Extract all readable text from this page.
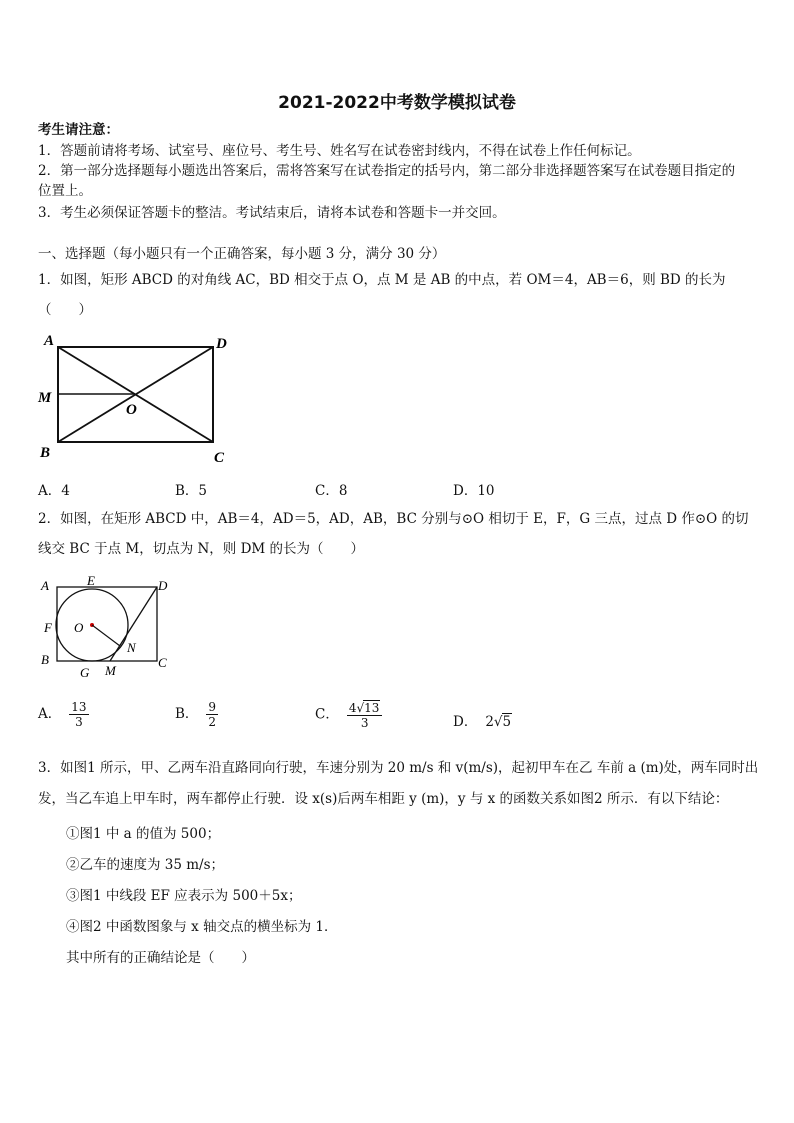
2021-2022中考数学模拟试卷
考生请注意：
1．答题前请将考场、试室号、座位号、考生号、姓名写在试卷密封线内，不得在试卷上作任何标记。
2．第一部分选择题每小题选出答案后，需将答案写在试卷指定的括号内，第二部分非选择题答案写在试卷题目指定的
位置上。
3．考生必须保证答题卡的整洁。考试结束后，请将本试卷和答题卡一并交回。
一、选择题（每小题只有一个正确答案，每小题 3 分，满分 30 分）
1．如图，矩形 ABCD 的对角线 AC，BD 相交于点 O，点 M 是 AB 的中点，若 OM＝4，AB＝6，则 BD 的长为
（　　）
A	D
M
O
B	C
A．4	B．5	C．8	D．10
2．如图，在矩形 ABCD 中，AB＝4，AD＝5，AD，AB，BC 分别与⊙O 相切于 E，F，G 三点，过点 D 作⊙O 的切
线交 BC 于点 M，切点为 N，则 DM 的长为（　　）
A	E	D
F O
N
B	C
G M
A． $\frac{13}{3}$	B． $\frac{9}{2}$	C． $\frac{4√13}{3}$	D． 2√5
3．如图1 所示，甲、乙两车沿直路同向行驶，车速分别为 20 m/s 和 v(m/s)，起初甲车在乙 车前 a (m)处，两车同时出
发，当乙车追上甲车时，两车都停止行驶．设 x(s)后两车相距 y (m)，y 与 x 的函数关系如图2 所示．有以下结论：
①图1 中 a 的值为 500；
②乙车的速度为 35 m/s；
③图1 中线段 EF 应表示为 500＋5x；
④图2 中函数图象与 x 轴交点的横坐标为 1．
其中所有的正确结论是（　　）
